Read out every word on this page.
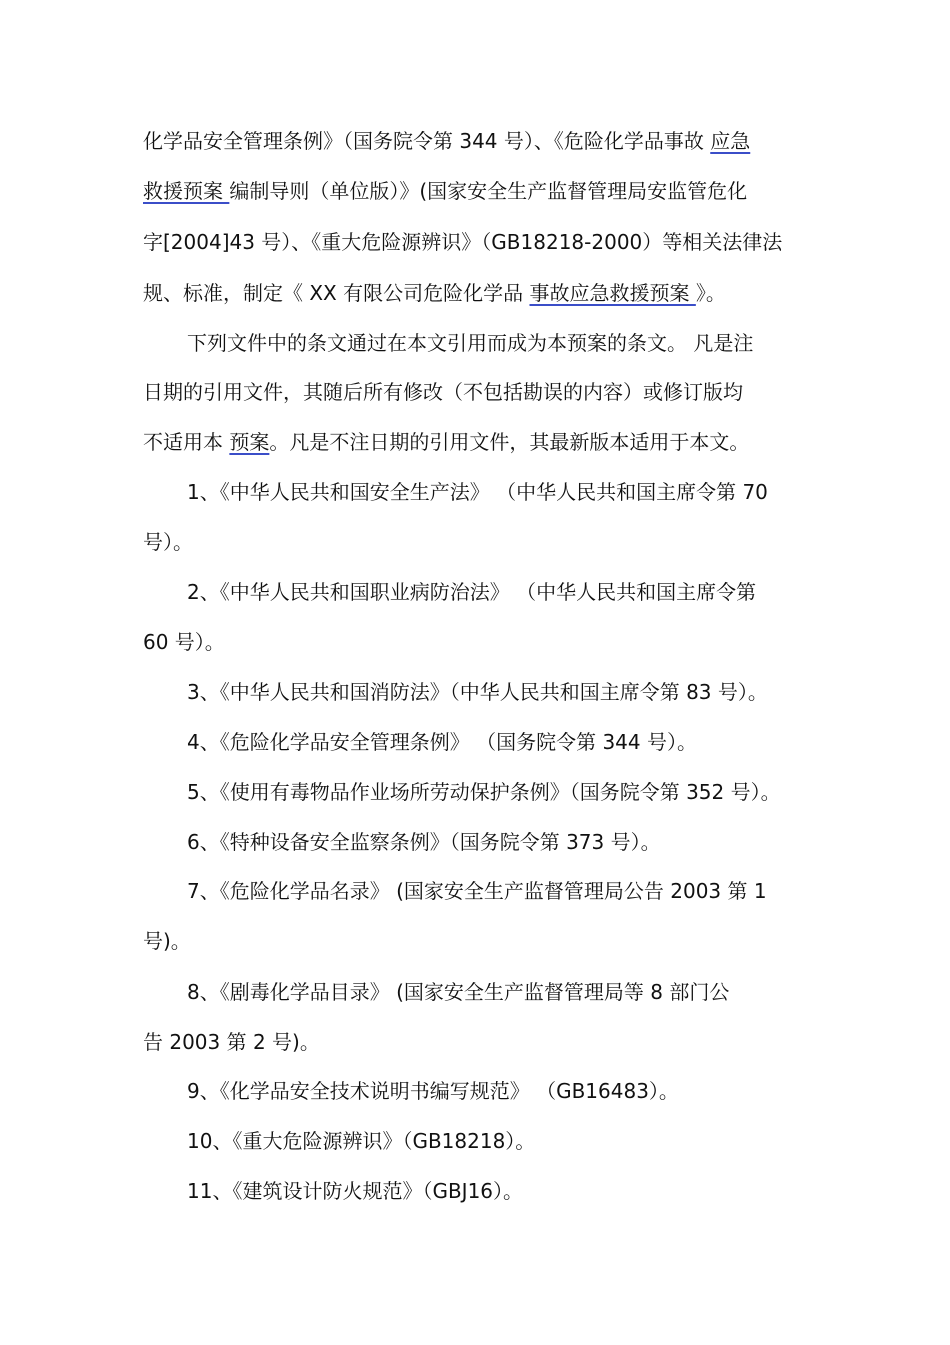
化学品安全管理条例》（国务院令第 344 号）、《危险化学品事故 应急
救援预案 编制导则（单位版）》(国家安全生产监督管理局安监管危化
字[2004]43 号）、《重大危险源辨识》（GB18218-2000）等相关法律法
规、标准，制定《 XX 有限公司危险化学品 事故应急救援预案 》。
下列文件中的条文通过在本文引用而成为本预案的条文。 凡是注
日期的引用文件，其随后所有修改（不包括勘误的内容）或修订版均
不适用本 预案。凡是不注日期的引用文件，其最新版本适用于本文。
1、《中华人民共和国安全生产法》 （中华人民共和国主席令第 70
号）。
2、《中华人民共和国职业病防治法》 （中华人民共和国主席令第
60 号）。
3、《中华人民共和国消防法》（中华人民共和国主席令第 83 号）。
4、《危险化学品安全管理条例》 （国务院令第 344 号）。
5、《使用有毒物品作业场所劳动保护条例》（国务院令第 352 号）。
6、《特种设备安全监察条例》（国务院令第 373 号）。
7、《危险化学品名录》 (国家安全生产监督管理局公告 2003 第 1
号)。
8、《剧毒化学品目录》 (国家安全生产监督管理局等 8 部门公
告 2003 第 2 号)。
9、《化学品安全技术说明书编写规范》 （GB16483）。
10、《重大危险源辨识》（GB18218）。
11、《建筑设计防火规范》（GBJ16）。
